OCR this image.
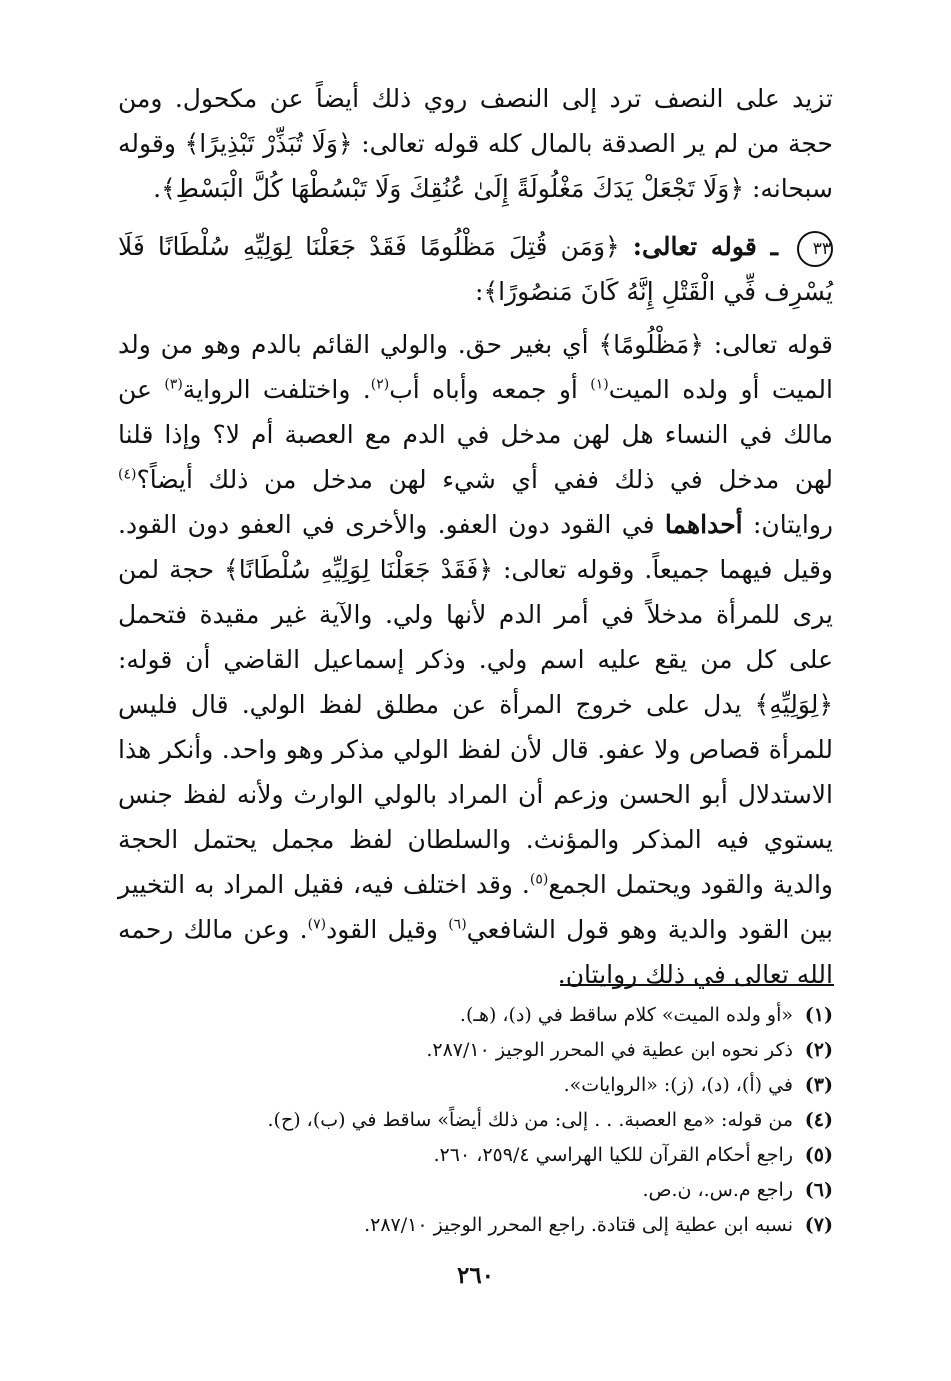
تزيد على النصف ترد إلى النصف روي ذلك أيضاً عن مكحول. ومن حجة من لم ير الصدقة بالمال كله قوله تعالى: ﴿وَلَا تُبَذِّرْ تَبْذِيرًا﴾ وقوله سبحانه: ﴿وَلَا تَجْعَلْ يَدَكَ مَغْلُولَةً إِلَىٰ عُنُقِكَ وَلَا تَبْسُطْهَا كُلَّ الْبَسْطِ﴾.

٣٣ ـ قوله تعالى: ﴿وَمَن قُتِلَ مَظْلُومًا فَقَدْ جَعَلْنَا لِوَلِيِّهِ سُلْطَانًا فَلَا يُسْرِف فِّي الْقَتْلِ إِنَّهُ كَانَ مَنصُورًا﴾:

قوله تعالى: ﴿مَظْلُومًا﴾ أي بغير حق. والولي القائم بالدم وهو من ولد الميت أو ولده الميت$^{(١)}$ أو جمعه وأباه أب$^{(٢)}$. واختلفت الرواية$^{(٣)}$ عن مالك في النساء هل لهن مدخل في الدم مع العصبة أم لا؟ وإذا قلنا لهن مدخل في ذلك ففي أي شيء لهن مدخل من ذلك أيضاً؟$^{(٤)}$ روايتان: أحداهما في القود دون العفو. والأخرى في العفو دون القود. وقيل فيهما جميعاً. وقوله تعالى: ﴿فَقَدْ جَعَلْنَا لِوَلِيِّهِ سُلْطَانًا﴾ حجة لمن يرى للمرأة مدخلاً في أمر الدم لأنها ولي. والآية غير مقيدة فتحمل على كل من يقع عليه اسم ولي. وذكر إسماعيل القاضي أن قوله: ﴿لِوَلِيِّهِ﴾ يدل على خروج المرأة عن مطلق لفظ الولي. قال فليس للمرأة قصاص ولا عفو. قال لأن لفظ الولي مذكر وهو واحد. وأنكر هذا الاستدلال أبو الحسن وزعم أن المراد بالولي الوارث ولأنه لفظ جنس يستوي فيه المذكر والمؤنث. والسلطان لفظ مجمل يحتمل الحجة والدية والقود ويحتمل الجمع$^{(٥)}$. وقد اختلف فيه، فقيل المراد به التخيير بين القود والدية وهو قول الشافعي$^{(٦)}$ وقيل القود$^{(٧)}$. وعن مالك رحمه الله تعالى في ذلك روايتان.

(١)«أو ولده الميت» كلام ساقط في (د)، (هـ).
(٢)ذكر نحوه ابن عطية في المحرر الوجيز ٢٨٧/١٠.
(٣)في (أ)، (د)، (ز): «الروايات».
(٤)من قوله: «مع العصبة. . . إلى: من ذلك أيضاً» ساقط في (ب)، (ح).
(٥)راجع أحكام القرآن للكيا الهراسي ٢٥٩/٤، ٢٦٠.
(٦)راجع م.س.، ن.ص.
(٧)نسبه ابن عطية إلى قتادة. راجع المحرر الوجيز ٢٨٧/١٠.
٢٦٠
